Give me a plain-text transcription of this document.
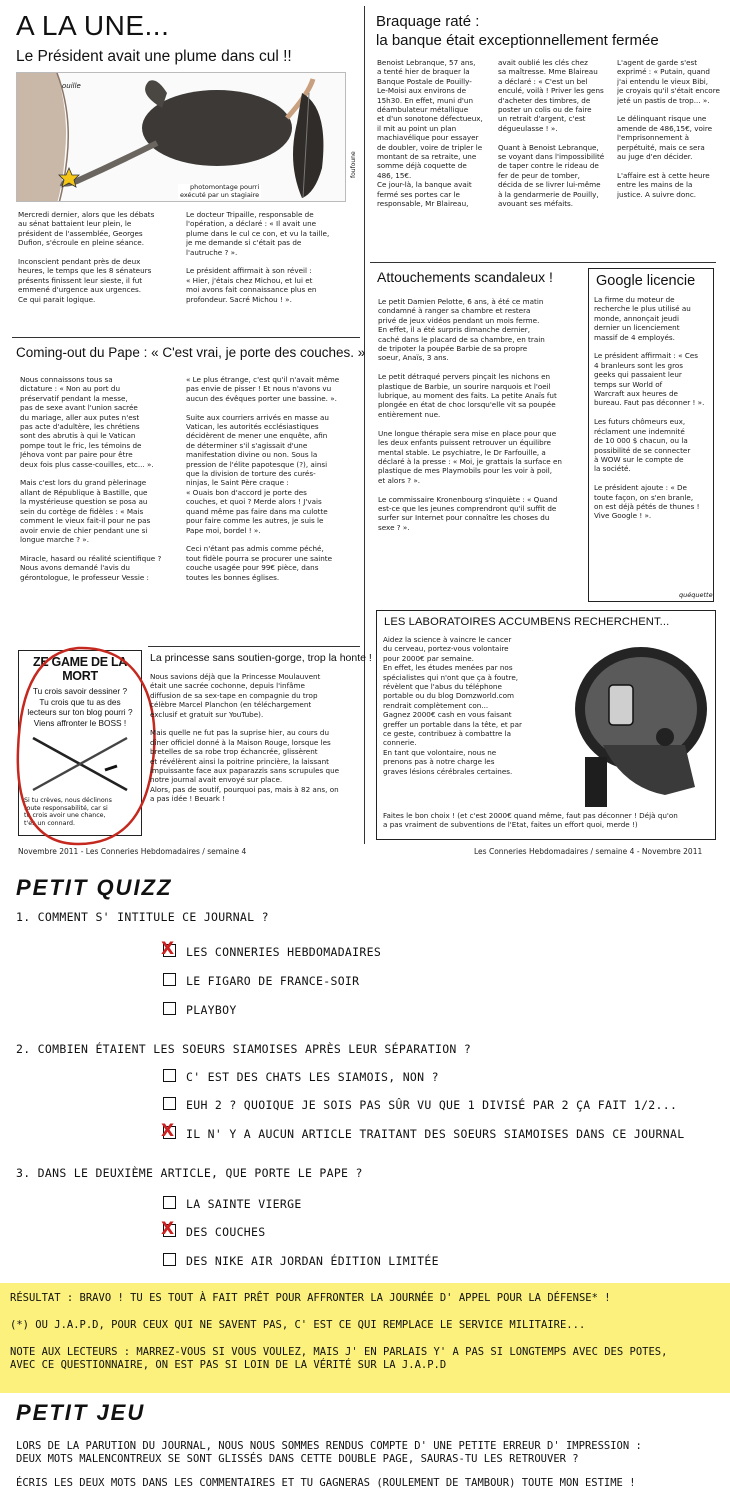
A LA UNE...
Le Président avait une plume dans cul !!
ouille
photomontage pourri
exécuté par un stagiaire
foufoune
Mercredi dernier, alors que les débats
au sénat battaient leur plein, le
président de l'assemblée, Georges
Dufion, s'écroule en pleine séance.

Inconscient pendant près de deux
heures, le temps que les 8 sénateurs
présents finissent leur sieste, il fut
emmené d'urgence aux urgences.
Ce qui parait logique.
Le docteur Tripaille, responsable de
l'opération, a déclaré : « Il avait une
plume dans le cul ce con, et vu la taille,
je me demande si c'était pas de
l'autruche ? ».

Le président affirmait à son réveil :
« Hier, j'étais chez Michou, et lui et
moi avons fait connaissance plus en
profondeur. Sacré Michou ! ».
Coming-out du Pape : « C'est vrai, je porte des couches. »
Nous connaissons tous sa
dictature : « Non au port du
préservatif pendant la messe,
pas de sexe avant l'union sacrée
du mariage, aller aux putes n'est
pas acte d'adultère, les chrétiens
sont des abrutis à qui le Vatican
pompe tout le fric, les témoins de
Jéhova vont par paire pour être
deux fois plus casse-couilles, etc... ».

Mais c'est lors du grand pèlerinage
allant de République à Bastille, que
la mystérieuse question se posa au
sein du cortège de fidèles : « Mais
comment le vieux fait-il pour ne pas
avoir envie de chier pendant une si
longue marche ? ».

Miracle, hasard ou réalité scientifique ?
Nous avons demandé l'avis du
gérontologue, le professeur Vessie :
« Le plus étrange, c'est qu'il n'avait même
pas envie de pisser ! Et nous n'avons vu
aucun des évêques porter une bassine. ».

Suite aux courriers arrivés en masse au
Vatican, les autorités ecclésiastiques
décidèrent de mener une enquête, afin
de déterminer s'il s'agissait d'une
manifestation divine ou non. Sous la
pression de l'élite papotesque (?), ainsi
que la division de torture des curés-
ninjas, le Saint Père craque :
« Ouais bon d'accord je porte des
couches, et quoi ? Merde alors ! J'vais
quand même pas faire dans ma culotte
pour faire comme les autres, je suis le
Pape moi, bordel ! ».

Ceci n'étant pas admis comme péché,
tout fidèle pourra se procurer une sainte
couche usagée pour 99€ pièce, dans
toutes les bonnes églises.
ZE GAME DE LA MORT
Tu crois savoir dessiner ?
Tu crois que tu as des
lecteurs sur ton blog pourri ?
Viens affronter le BOSS !
Si tu crèves, nous déclinons
toute responsabilité, car si
tu crois avoir une chance,
t'es un connard.
La princesse sans soutien-gorge, trop la honte !
Nous savions déjà que la Princesse Moulauvent
était une sacrée cochonne, depuis l'infâme
diffusion de sa sex-tape en compagnie du trop
célèbre Marcel Planchon (en téléchargement
exclusif et gratuit sur YouTube).

Mais quelle ne fut pas la suprise hier, au cours du
dîner officiel donné à la Maison Rouge, lorsque les
bretelles de sa robe trop échancrée, glissèrent
et révélèrent ainsi la poitrine princière, la laissant
impuissante face aux paparazzis sans scrupules que
notre journal avait envoyé sur place.
Alors, pas de soutif, pourquoi pas, mais à 82 ans, on
a pas idée ! Beuark !
Novembre 2011 - Les Conneries Hebdomadaires / semaine 4
Braquage raté :
la banque était exceptionnellement fermée
Benoist Lebranque, 57 ans,
a tenté hier de braquer la
Banque Postale de Pouilly-
Le-Moisi aux environs de
15h30. En effet, muni d'un
déambulateur métallique
et d'un sonotone défectueux,
il mit au point un plan
machiavélique pour essayer
de doubler, voire de tripler le
montant de sa retraite, une
somme déjà coquette de
486, 15€.
Ce jour-là, la banque avait
fermé ses portes car le
responsable, Mr Blaireau,
avait oublié les clés chez
sa maîtresse. Mme Blaireau
a déclaré : « C'est un bel
enculé, voilà ! Priver les gens
d'acheter des timbres, de
poster un colis ou de faire
un retrait d'argent, c'est
dégueulasse ! ».

Quant à Benoist Lebranque,
se voyant dans l'impossibilité
de taper contre le rideau de
fer de peur de tomber,
décida de se livrer lui-même
à la gendarmerie de Pouilly,
avouant ses méfaits.
L'agent de garde s'est
exprimé : « Putain, quand
j'ai entendu le vieux Bibi,
je croyais qu'il s'était encore
jeté un pastis de trop... ».

Le délinquant risque une
amende de 486,15€, voire
l'emprisonnement à
perpétuité, mais ce sera
au juge d'en décider.

L'affaire est à cette heure
entre les mains de la
justice. A suivre donc.
Attouchements scandaleux !
Le petit Damien Pelotte, 6 ans, à été ce matin
condamné à ranger sa chambre et restera
privé de jeux vidéos pendant un mois ferme.
En effet, il a été surpris dimanche dernier,
caché dans le placard de sa chambre, en train
de tripoter la poupée Barbie de sa propre
soeur, Anaïs, 3 ans.

Le petit détraqué pervers pinçait les nichons en
plastique de Barbie, un sourire narquois et l'oeil
lubrique, au moment des faits. La petite Anaïs fut
plongée en état de choc lorsqu'elle vit sa poupée
entièrement nue.

Une longue thérapie sera mise en place pour que
les deux enfants puissent retrouver un équilibre
mental stable. Le psychiatre, le Dr Farfouille, a
déclaré à la presse : « Moi, je grattais la surface en
plastique de mes Playmobils pour les voir à poil,
et alors ? ».

Le commissaire Kronenbourg s'inquiète : « Quand
est-ce que les jeunes comprendront qu'il suffit de
surfer sur Internet pour connaître les choses du
sexe ? ».
Google licencie
La firme du moteur de
recherche le plus utilisé au
monde, annonçait jeudi
dernier un licenciement
massif de 4 employés.

Le président affirmait : « Ces
4 branleurs sont les gros
geeks qui passaient leur
temps sur World of
Warcraft aux heures de
bureau. Faut pas déconner ! ».

Les futurs chômeurs eux,
réclament une indemnité
de 10 000 $ chacun, ou la
possibilité de se connecter
à WOW sur le compte de
la société.

Le président ajoute : « De
toute façon, on s'en branle,
on est déjà pétés de thunes !
Vive Google ! ».
quéquette
LES LABORATOIRES ACCUMBENS RECHERCHENT...
Aidez la science à vaincre le cancer
du cerveau, portez-vous volontaire
pour 2000€ par semaine.
En effet, les études menées par nos
spécialistes qui n'ont que ça à foutre,
révèlent que l'abus du téléphone
portable ou du blog Domzworld.com
rendrait complètement con...
Gagnez 2000€ cash en vous faisant
greffer un portable dans la tête, et par
ce geste, contribuez à combattre la
connerie.
En tant que volontaire, nous ne
prenons pas à notre charge les
graves lésions cérébrales certaines.
Faites le bon choix ! (et c'est 2000€ quand même, faut pas déconner ! Déjà qu'on
a pas vraiment de subventions de l'Etat, faites un effort quoi, merde !)
Les Conneries Hebdomadaires / semaine 4 - Novembre 2011
PETIT QUIZZ
1. COMMENT S' INTITULE CE JOURNAL ?
X LES CONNERIES HEBDOMADAIRES
LE FIGARO DE FRANCE-SOIR
PLAYBOY
2. COMBIEN ÉTAIENT LES SOEURS SIAMOISES APRÈS LEUR SÉPARATION ?
C' EST DES CHATS LES SIAMOIS, NON ?
EUH 2 ? QUOIQUE JE SOIS PAS SÛR VU QUE 1 DIVISÉ PAR 2 ÇA FAIT 1/2...
X IL N' Y A AUCUN ARTICLE TRAITANT DES SOEURS SIAMOISES DANS CE JOURNAL
3. DANS LE DEUXIÈME ARTICLE, QUE PORTE LE PAPE ?
LA SAINTE VIERGE
X DES COUCHES
DES NIKE AIR JORDAN ÉDITION LIMITÉE
RÉSULTAT : BRAVO ! TU ES TOUT À FAIT PRÊT POUR AFFRONTER LA JOURNÉE D' APPEL POUR LA DÉFENSE* !
(*) OU J.A.P.D, POUR CEUX QUI NE SAVENT PAS, C' EST CE QUI REMPLACE LE SERVICE MILITAIRE...
NOTE AUX LECTEURS : MARREZ-VOUS SI VOUS VOULEZ, MAIS J' EN PARLAIS Y' A PAS SI LONGTEMPS AVEC DES POTES,
AVEC CE QUESTIONNAIRE, ON EST PAS SI LOIN DE LA VÉRITÉ SUR LA J.A.P.D
PETIT JEU
LORS DE LA PARUTION DU JOURNAL, NOUS NOUS SOMMES RENDUS COMPTE D' UNE PETITE ERREUR D' IMPRESSION :
DEUX MOTS MALENCONTREUX SE SONT GLISSÉS DANS CETTE DOUBLE PAGE, SAURAS-TU LES RETROUVER ?
ÉCRIS LES DEUX MOTS DANS LES COMMENTAIRES ET TU GAGNERAS (ROULEMENT DE TAMBOUR) TOUTE MON ESTIME !
